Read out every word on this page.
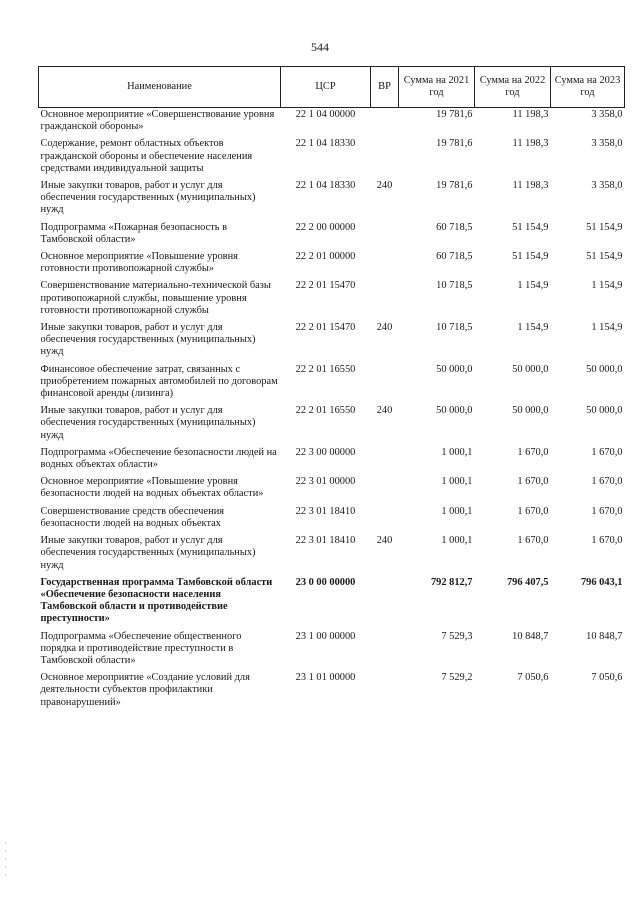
544
Наименование	ЦСР	ВР	Сумма на 2021 год	Сумма на 2022 год	Сумма на 2023 год
Основное мероприятие «Совершенствование уровня гражданской обороны»	22 1 04 00000		19 781,6	11 198,3	3 358,0
Содержание, ремонт областных объектов гражданской обороны и обеспечение населения средствами индивидуальной защиты	22 1 04 18330		19 781,6	11 198,3	3 358,0
Иные закупки товаров, работ и услуг для обеспечения государственных (муниципальных) нужд	22 1 04 18330	240	19 781,6	11 198,3	3 358,0
Подпрограмма «Пожарная безопасность в Тамбовской области»	22 2 00 00000		60 718,5	51 154,9	51 154,9
Основное мероприятие «Повышение уровня готовности противопожарной службы»	22 2 01 00000		60 718,5	51 154,9	51 154,9
Совершенствование материально-технической базы противопожарной службы, повышение уровня готовности противопожарной службы	22 2 01 15470		10 718,5	1 154,9	1 154,9
Иные закупки товаров, работ и услуг для обеспечения государственных (муниципальных) нужд	22 2 01 15470	240	10 718,5	1 154,9	1 154,9
Финансовое обеспечение затрат, связанных с приобретением пожарных автомобилей по договорам финансовой аренды (лизинга)	22 2 01 16550		50 000,0	50 000,0	50 000,0
Иные закупки товаров, работ и услуг для обеспечения государственных (муниципальных) нужд	22 2 01 16550	240	50 000,0	50 000,0	50 000,0
Подпрограмма «Обеспечение безопасности людей на водных объектах области»	22 3 00 00000		1 000,1	1 670,0	1 670,0
Основное мероприятие «Повышение уровня безопасности людей на водных объектах области»	22 3 01 00000		1 000,1	1 670,0	1 670,0
Совершенствование средств обеспечения безопасности людей на водных объектах	22 3 01 18410		1 000,1	1 670,0	1 670,0
Иные закупки товаров, работ и услуг для обеспечения государственных (муниципальных) нужд	22 3 01 18410	240	1 000,1	1 670,0	1 670,0
Государственная программа Тамбовской области «Обеспечение безопасности населения Тамбовской области и противодействие преступности»	23 0 00 00000		792 812,7	796 407,5	796 043,1
Подпрограмма «Обеспечение общественного порядка и противодействие преступности в Тамбовской области»	23 1 00 00000		7 529,3	10 848,7	10 848,7
Основное мероприятие «Создание условий для деятельности субъектов профилактики правонарушений»	23 1 01 00000		7 529,2	7 050,6	7 050,6
·
·
·
·
·
